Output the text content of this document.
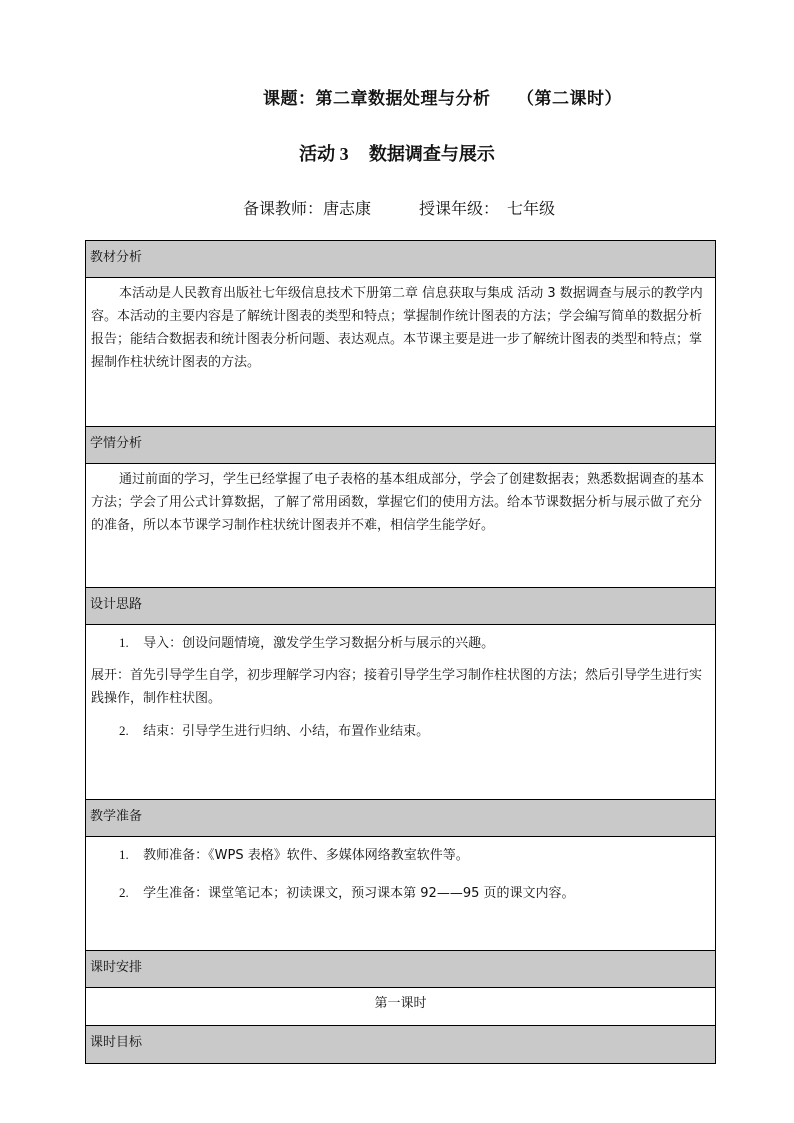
课题：第二章数据处理与分析　　（第二课时）
活动 3 数据调查与展示
备课教师：唐志康　　　授课年级：　七年级
教材分析

本活动是人民教育出版社七年级信息技术下册第二章 信息获取与集成 活动 3 数据调查与展示的教学内容。本活动的主要内容是了解统计图表的类型和特点；掌握制作统计图表的方法；学会编写简单的数据分析报告；能结合数据表和统计图表分析问题、表达观点。本节课主要是进一步了解统计图表的类型和特点；掌握制作柱状统计图表的方法。

学情分析

通过前面的学习，学生已经掌握了电子表格的基本组成部分，学会了创建数据表；熟悉数据调查的基本方法；学会了用公式计算数据，了解了常用函数，掌握它们的使用方法。给本节课数据分析与展示做了充分的准备，所以本节课学习制作柱状统计图表并不难，相信学生能学好。

设计思路

1. 导入：创设问题情境，激发学生学习数据分析与展示的兴趣。

展开：首先引导学生自学，初步理解学习内容；接着引导学生学习制作柱状图的方法；然后引导学生进行实践操作，制作柱状图。

2. 结束：引导学生进行归纳、小结，布置作业结束。

教学准备

1. 教师准备：《WPS 表格》软件、多媒体网络教室软件等。

2. 学生准备：课堂笔记本；初读课文，预习课本第 92——95 页的课文内容。

课时安排

第一课时

课时目标
